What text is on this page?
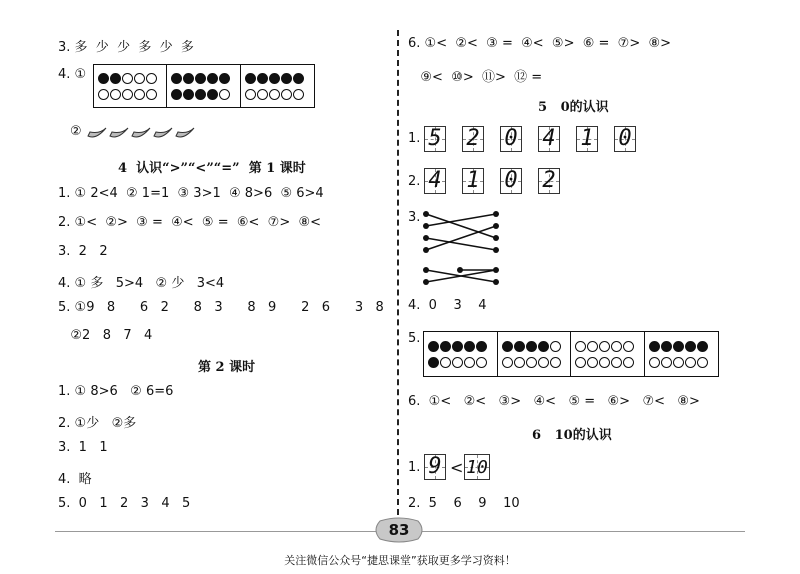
3. 多  少  少  多  少  多
4. ①
②
4  认识“>”“<”“=”  第 1 课时
1. ① 2<4  ② 1=1  ③ 3>1  ④ 8>6  ⑤ 6>4
2. ①<  ②>  ③ =  ④<  ⑤ =  ⑥<  ⑦>  ⑧<
3.  2   2
4. ① 多   5>4   ② 少   3<4
5. ①9   8      6   2      8   3      8   9      2   6      3   8
②2   8   7   4
第 2 课时
1. ① 8>6   ② 6=6
2. ①少   ②多
3.  1   1
4.  略
5.  0   1   2   3   4   5
6. ①<  ②<  ③ =  ④<  ⑤>  ⑥ =  ⑦>  ⑧>
⑨<  ⑩>  ⑪>  ⑫ =
5   0的认识
1. 5 2 0 4 1 0
2. 4 1 0 2
3.
4.  0    3    4
5.
6.  ①<   ②<   ③>   ④<   ⑤ =   ⑥>   ⑦<   ⑧>
6   10的认识
1. 9 < 10
2.  5    6    9    10
83
关注微信公众号“捷思课堂”获取更多学习资料！
